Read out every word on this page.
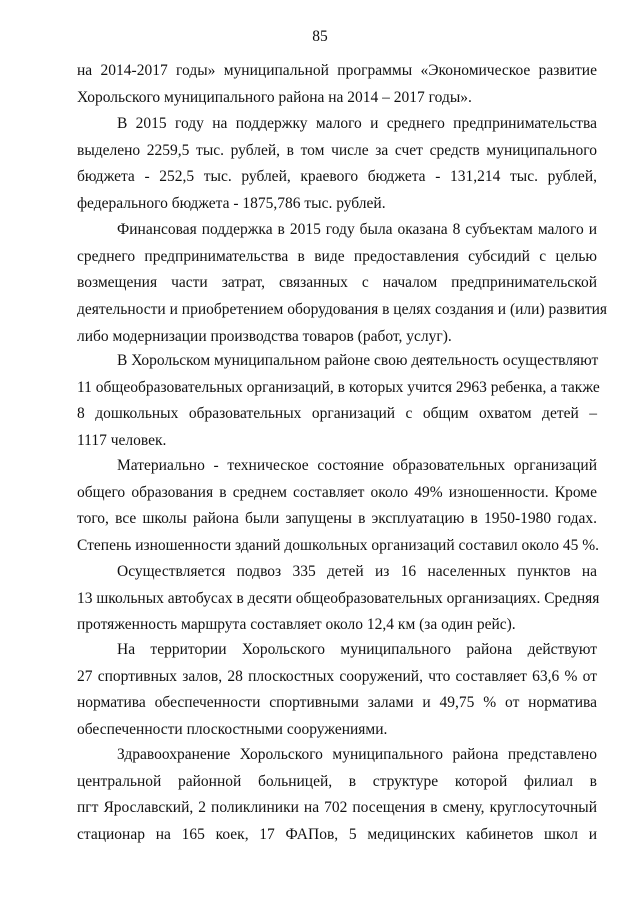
85

на 2014-2017 годы» муниципальной программы «Экономическое развитие
Хорольского муниципального района на 2014 – 2017 годы».

В 2015 году на поддержку малого и среднего предпринимательства
выделено 2259,5 тыс. рублей, в том числе за счет средств муниципального
бюджета - 252,5 тыс. рублей, краевого бюджета - 131,214 тыс. рублей,
федерального бюджета - 1875,786 тыс. рублей.

Финансовая поддержка в 2015 году была оказана 8 субъектам малого и
среднего предпринимательства в виде предоставления субсидий с целью
возмещения части затрат, связанных с началом предпринимательской
деятельности и приобретением оборудования в целях создания и (или) развития
либо модернизации производства товаров (работ, услуг).

В Хорольском муниципальном районе свою деятельность осуществляют
11 общеобразовательных организаций, в которых учится 2963 ребенка, а также
8 дошкольных образовательных организаций с общим охватом детей –
1117 человек.

Материально - техническое состояние образовательных организаций
общего образования в среднем составляет около 49% изношенности. Кроме
того, все школы района были запущены в эксплуатацию в 1950-1980 годах.
Степень изношенности зданий дошкольных организаций составил около 45 %.

Осуществляется подвоз 335 детей из 16 населенных пунктов на
13 школьных автобусах в десяти общеобразовательных организациях. Средняя
протяженность маршрута составляет около 12,4 км (за один рейс).

На территории Хорольского муниципального района действуют
27 спортивных залов, 28 плоскостных сооружений, что составляет 63,6 % от
норматива обеспеченности спортивными залами и 49,75 % от норматива
обеспеченности плоскостными сооружениями.

Здравоохранение Хорольского муниципального района представлено
центральной районной больницей, в структуре которой филиал в
пгт Ярославский, 2 поликлиники на 702 посещения в смену, круглосуточный
стационар на 165 коек, 17 ФАПов, 5 медицинских кабинетов школ и
